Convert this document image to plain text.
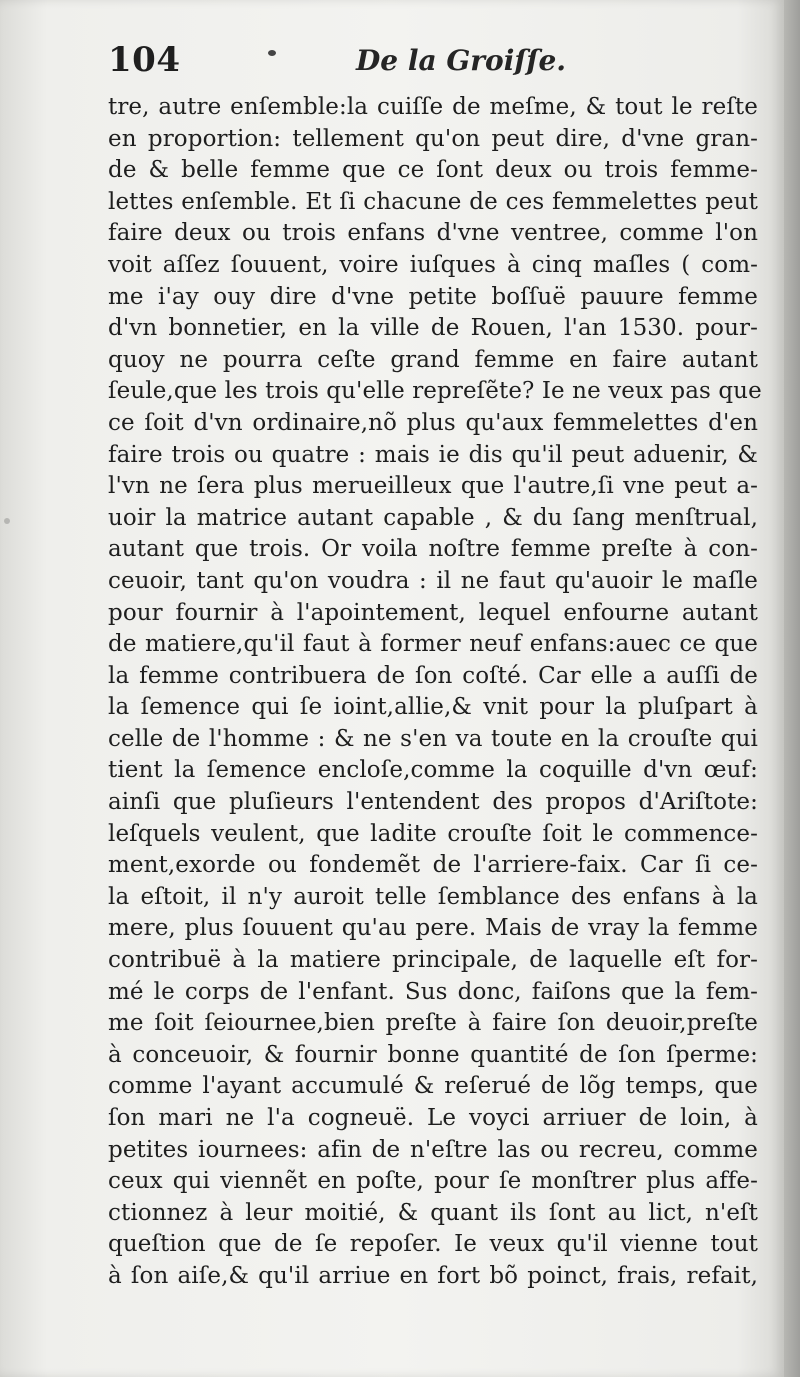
104	De la Groiſſe.
tre, autre enſemble:la cuiſſe de meſme, & tout le reſte
en proportion: tellement qu'on peut dire, d'vne gran-
de & belle femme que ce ſont deux ou trois femme-
lettes enſemble. Et ſi chacune de ces femmelettes peut
faire deux ou trois enfans d'vne ventree, comme l'on
voit aſſez ſouuent, voire iuſques à cinq maſles ( com-
me i'ay ouy dire d'vne petite boſſuë pauure femme
d'vn bonnetier, en la ville de Rouen, l'an 1530. pour-
quoy ne pourra ceſte grand femme en faire autant
ſeule,que les trois qu'elle repreſẽte? Ie ne veux pas que
ce ſoit d'vn ordinaire,nõ plus qu'aux femmelettes d'en
faire trois ou quatre : mais ie dis qu'il peut aduenir, &
l'vn ne ſera plus merueilleux que l'autre,ſi vne peut a-
uoir la matrice autant capable , & du ſang menſtrual,
autant que trois. Or voila noſtre femme preſte à con-
ceuoir, tant qu'on voudra : il ne faut qu'auoir le maſle
pour fournir à l'apointement, lequel enfourne autant
de matiere,qu'il faut à former neuf enfans:auec ce que
la femme contribuera de ſon coſté. Car elle a auſſi de
la ſemence qui ſe ioint,allie,& vnit pour la pluſpart à
celle de l'homme : & ne s'en va toute en la crouſte qui
tient la ſemence encloſe,comme la coquille d'vn œuf:
ainſi que pluſieurs l'entendent des propos d'Ariſtote:
leſquels veulent, que ladite crouſte ſoit le commence-
ment,exorde ou fondemẽt de l'arriere-faix. Car ſi ce-
la eſtoit, il n'y auroit telle ſemblance des enfans à la
mere, plus ſouuent qu'au pere. Mais de vray la femme
contribuë à la matiere principale, de laquelle eſt for-
mé le corps de l'enfant. Sus donc, faiſons que la fem-
me ſoit ſeiournee,bien preſte à faire ſon deuoir,preſte
à conceuoir, & fournir bonne quantité de ſon ſperme:
comme l'ayant accumulé & reſerué de lõg temps, que
ſon mari ne l'a cogneuë. Le voyci arriuer de loin, à
petites iournees: afin de n'eſtre las ou recreu, comme
ceux qui viennẽt en poſte, pour ſe monſtrer plus affe-
ctionnez à leur moitié, & quant ils ſont au lict, n'eſt
queſtion que de ſe repoſer. Ie veux qu'il vienne tout
à ſon aiſe,& qu'il arriue en fort bõ poinct, frais, refait,
